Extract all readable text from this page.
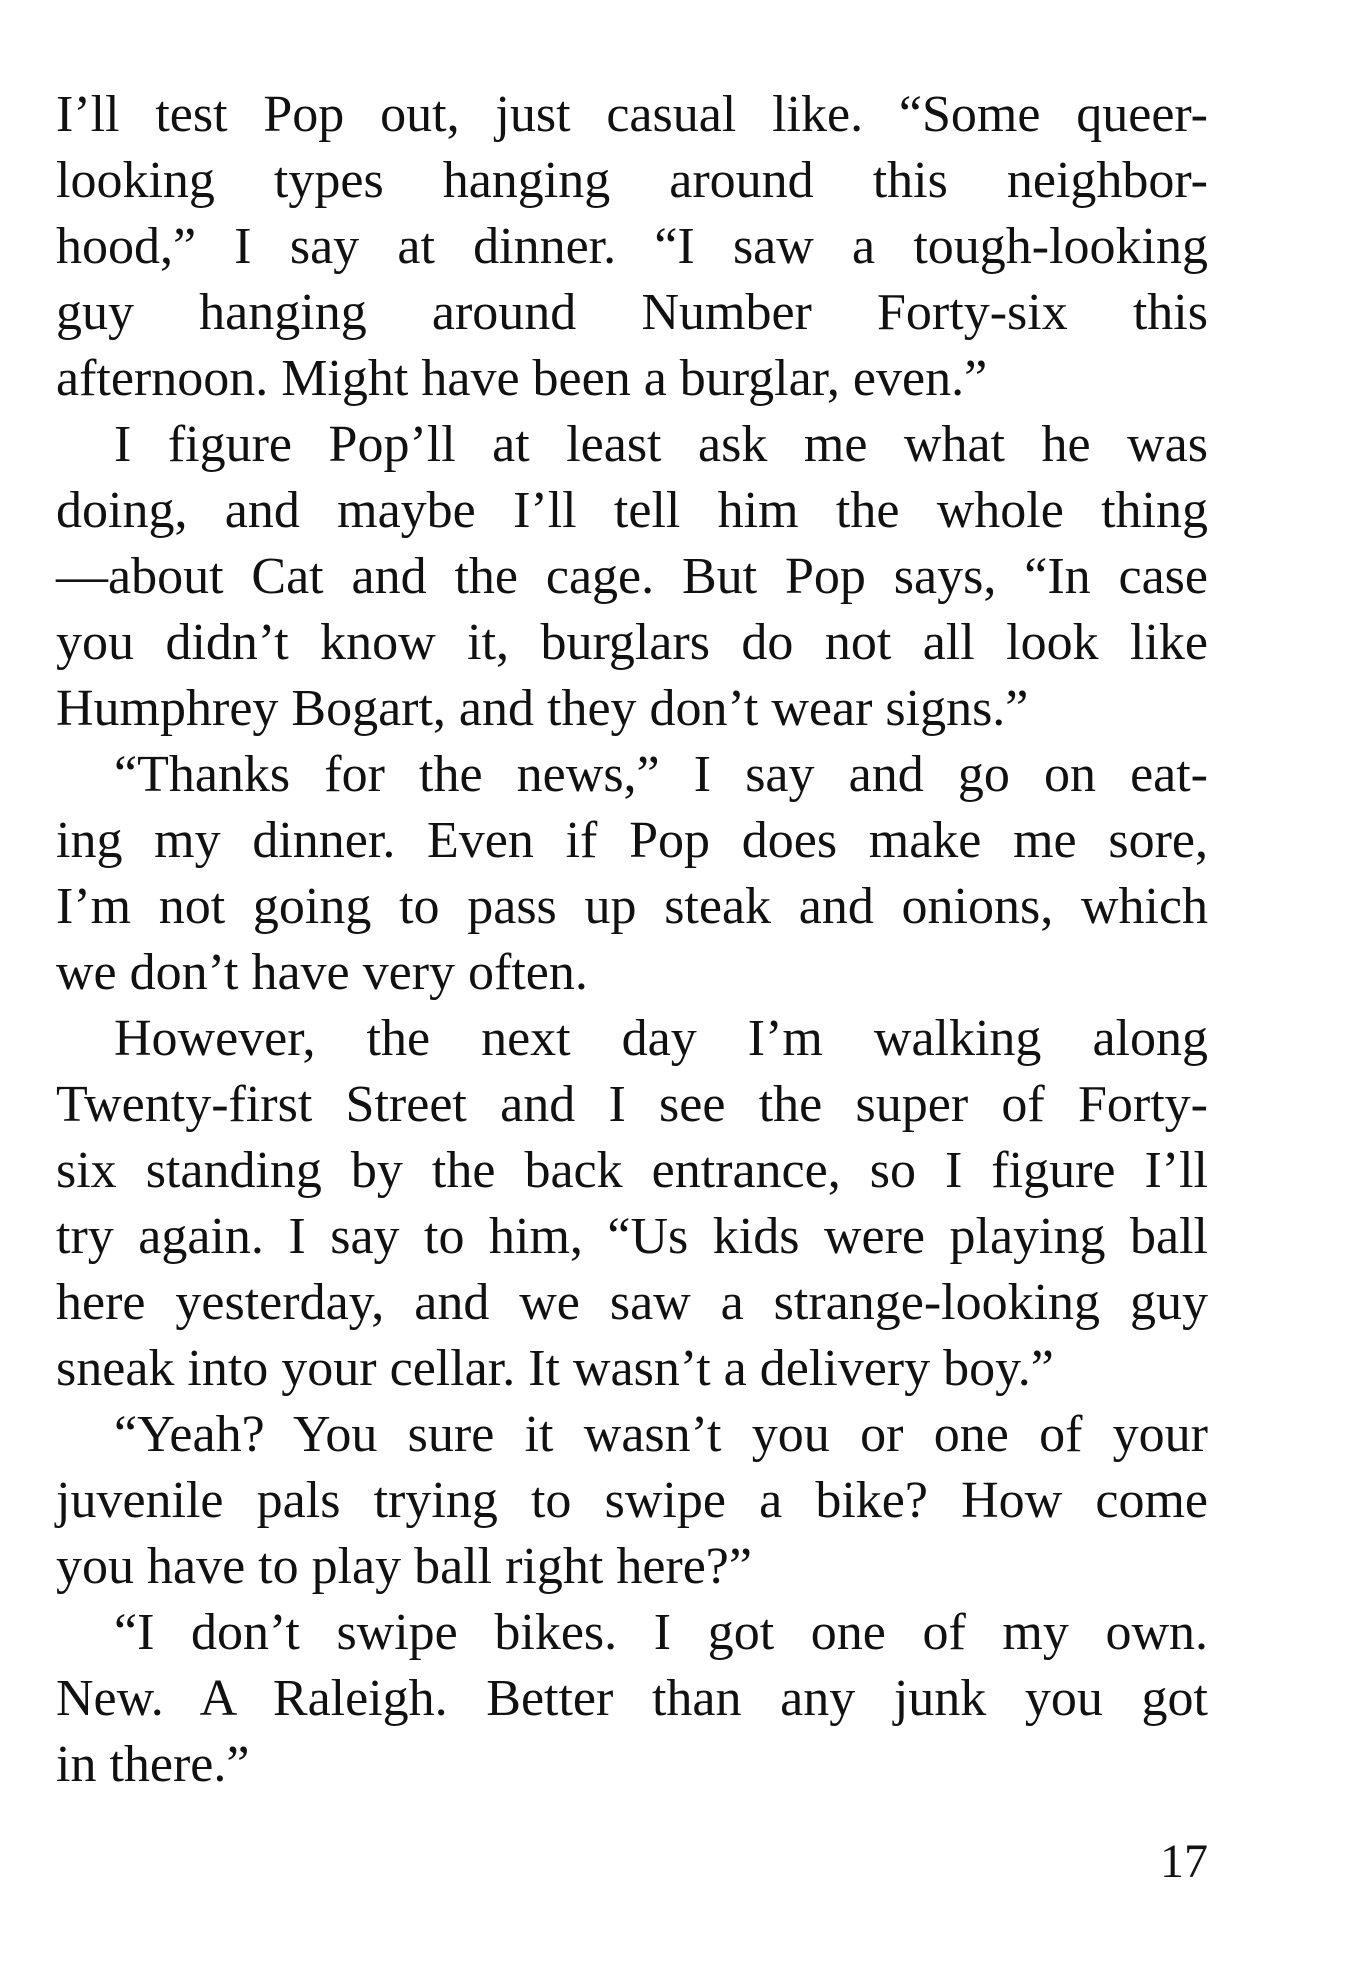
I’ll test Pop out, just casual like. “Some queer-
looking types hanging around this neighbor-
hood,” I say at dinner. “I saw a tough-looking
guy hanging around Number Forty-six this
afternoon. Might have been a burglar, even.”
I figure Pop’ll at least ask me what he was
doing, and maybe I’ll tell him the whole thing
—about Cat and the cage. But Pop says, “In case
you didn’t know it, burglars do not all look like
Humphrey Bogart, and they don’t wear signs.”
“Thanks for the news,” I say and go on eat-
ing my dinner. Even if Pop does make me sore,
I’m not going to pass up steak and onions, which
we don’t have very often.
However, the next day I’m walking along
Twenty-first Street and I see the super of Forty-
six standing by the back entrance, so I figure I’ll
try again. I say to him, “Us kids were playing ball
here yesterday, and we saw a strange-looking guy
sneak into your cellar. It wasn’t a delivery boy.”
“Yeah? You sure it wasn’t you or one of your
juvenile pals trying to swipe a bike? How come
you have to play ball right here?”
“I don’t swipe bikes. I got one of my own.
New. A Raleigh. Better than any junk you got
in there.”
17
